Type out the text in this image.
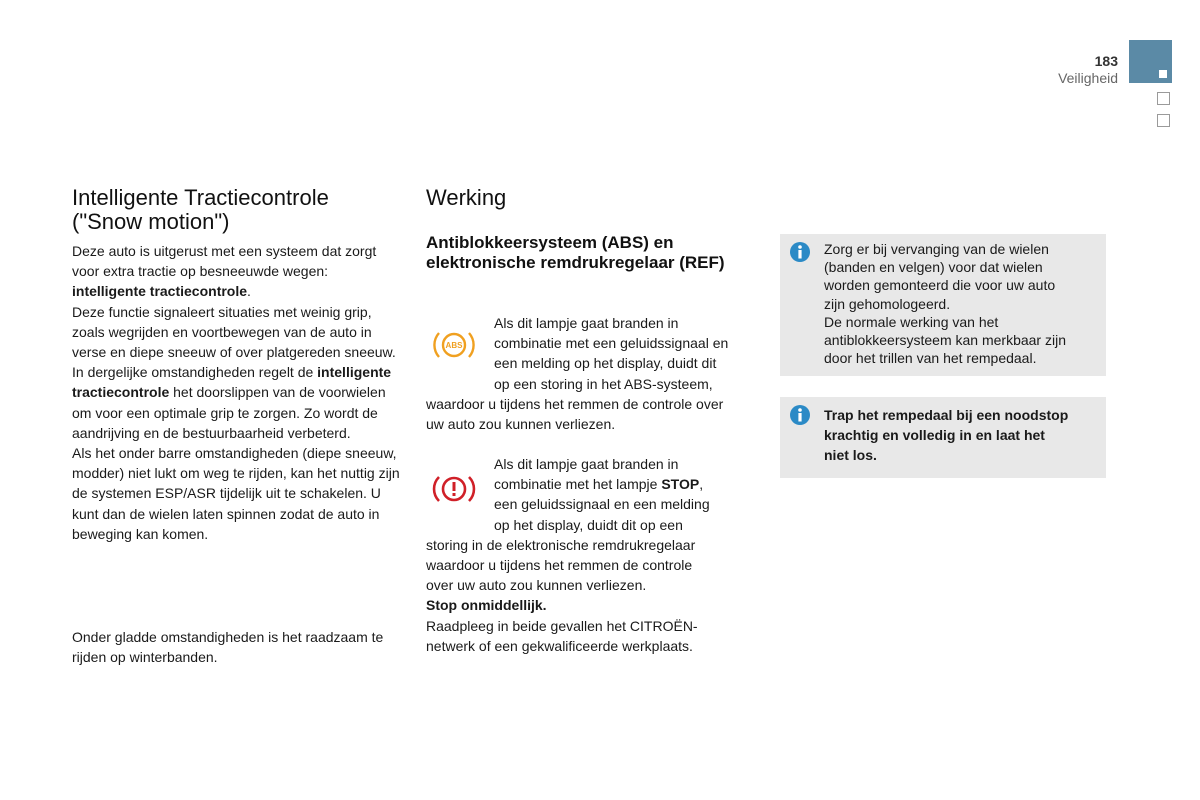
183
Veiligheid
Intelligente Tractiecontrole
("Snow motion")

Deze auto is uitgerust met een systeem dat zorgt voor extra tractie op besneeuwde wegen: intelligente tractiecontrole.

Deze functie signaleert situaties met weinig grip, zoals wegrijden en voortbewegen van de auto in verse en diepe sneeuw of over platgereden sneeuw.

In dergelijke omstandigheden regelt de intelligente tractiecontrole het doorslippen van de voorwielen om voor een optimale grip te zorgen. Zo wordt de aandrijving en de bestuurbaarheid verbeterd.

Als het onder barre omstandigheden (diepe sneeuw, modder) niet lukt om weg te rijden, kan het nuttig zijn de systemen ESP/ASR tijdelijk uit te schakelen. U kunt dan de wielen laten spinnen zodat de auto in beweging kan komen.

Onder gladde omstandigheden is het raadzaam te rijden op winterbanden.
Werking
Antiblokkeersysteem (ABS) en elektronische remdrukregelaar (REF)
ABS

Als dit lampje gaat branden in

combinatie met een geluidssignaal en

een melding op het display, duidt dit

op een storing in het ABS-systeem,

waardoor u tijdens het remmen de controle over

uw auto zou kunnen verliezen.

Als dit lampje gaat branden in

combinatie met het lampje STOP,

een geluidssignaal en een melding

op het display, duidt dit op een

storing in de elektronische remdrukregelaar

waardoor u tijdens het remmen de controle

over uw auto zou kunnen verliezen.

Stop onmiddellijk.

Raadpleeg in beide gevallen het CITROËN-

netwerk of een gekwalificeerde werkplaats.

Zorg er bij vervanging van de wielen
(banden en velgen) voor dat wielen
worden gemonteerd die voor uw auto
zijn gehomologeerd.
De normale werking van het
antiblokkeersysteem kan merkbaar zijn
door het trillen van het rempedaal.
Trap het rempedaal bij een noodstop
krachtig en volledig in en laat het
niet los.
